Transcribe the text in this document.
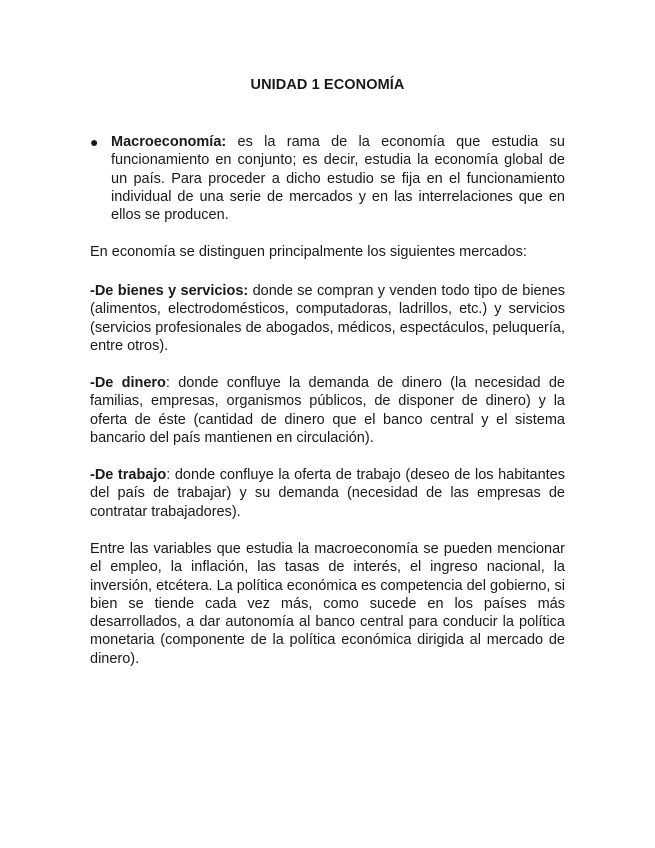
UNIDAD 1 ECONOMÍA
● Macroeconomía: es la rama de la economía que estudia su funcionamiento en conjunto; es decir, estudia la economía global de un país. Para proceder a dicho estudio se fija en el funcionamiento individual de una serie de mercados y en las interrelaciones que en ellos se producen.
En economía se distinguen principalmente los siguientes mercados:
-De bienes y servicios: donde se compran y venden todo tipo de bienes (alimentos, electrodomésticos, computadoras, ladrillos, etc.) y servicios (servicios profesionales de abogados, médicos, espectáculos, peluquería, entre otros).
-De dinero: donde confluye la demanda de dinero (la necesidad de familias, empresas, organismos públicos, de disponer de dinero) y la oferta de éste (cantidad de dinero que el banco central y el sistema bancario del país mantienen en circulación).
-De trabajo: donde confluye la oferta de trabajo (deseo de los habitantes del país de trabajar) y su demanda (necesidad de las empresas de contratar trabajadores).
Entre las variables que estudia la macroeconomía se pueden mencionar el empleo, la inflación, las tasas de interés, el ingreso nacional, la inversión, etcétera. La política económica es competencia del gobierno, si bien se tiende cada vez más, como sucede en los países más desarrollados, a dar autonomía al banco central para conducir la política monetaria (componente de la política económica dirigida al mercado de dinero).
